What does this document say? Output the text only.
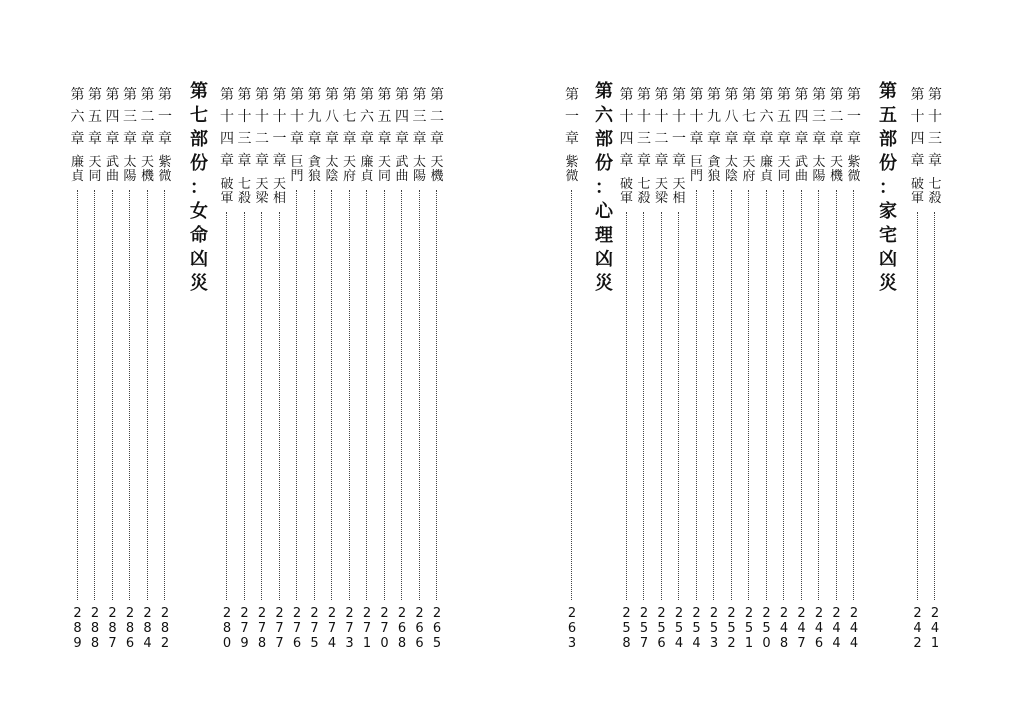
第
二
章
天
機
2
6
5
第
三
章
太
陽
2
6
6
第
四
章
武
曲
2
6
8
第
五
章
天
同
2
7
0
第
六
章
廉
貞
2
7
1
第
七
章
天
府
2
7
3
第
八
章
太
陰
2
7
4
第
九
章
貪
狼
2
7
5
第
十
章
巨
門
2
7
6
第
十
一
章
天
相
2
7
7
第
十
二
章
天
梁
2
7
8
第
十
三
章
七
殺
2
7
9
第
十
四
章
破
軍
2
8
0
第
七
部
份
：
女
命
凶
災
第
一
章
紫
微
2
8
2
第
二
章
天
機
2
8
4
第
三
章
太
陽
2
8
6
第
四
章
武
曲
2
8
7
第
五
章
天
同
2
8
8
第
六
章
廉
貞
2
8
9
第
十
三
章
七
殺
2
4
1
第
十
四
章
破
軍
2
4
2
第
五
部
份
：
家
宅
凶
災
第
一
章
紫
微
2
4
4
第
二
章
天
機
2
4
4
第
三
章
太
陽
2
4
6
第
四
章
武
曲
2
4
7
第
五
章
天
同
2
4
8
第
六
章
廉
貞
2
5
0
第
七
章
天
府
2
5
1
第
八
章
太
陰
2
5
2
第
九
章
貪
狼
2
5
3
第
十
章
巨
門
2
5
4
第
十
一
章
天
相
2
5
4
第
十
二
章
天
梁
2
5
6
第
十
三
章
七
殺
2
5
7
第
十
四
章
破
軍
2
5
8
第
六
部
份
：
心
理
凶
災
第
一
章
紫
微
2
6
3
